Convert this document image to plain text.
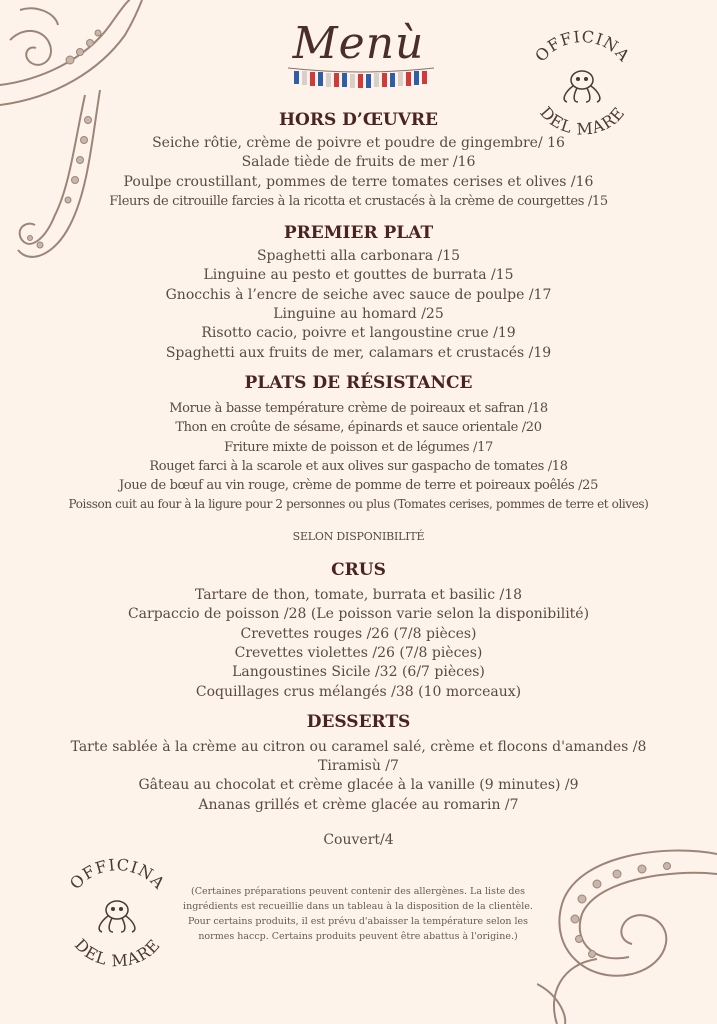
OFFICINA
DEL MARE
Menù
HORS D’ŒUVRE

Seiche rôtie, crème de poivre et poudre de gingembre/ 16

Salade tiède de fruits de mer /16

Poulpe croustillant, pommes de terre tomates cerises et olives /16

Fleurs de citrouille farcies à la ricotta et crustacés à la crème de courgettes /15

PREMIER PLAT

Spaghetti alla carbonara /15

Linguine au pesto et gouttes de burrata /15

Gnocchis à l’encre de seiche avec sauce de poulpe /17

Linguine au homard /25

Risotto cacio, poivre et langoustine crue /19

Spaghetti aux fruits de mer, calamars et crustacés /19

PLATS DE RÉSISTANCE

Morue à basse température crème de poireaux et safran /18

Thon en croûte de sésame, épinards et sauce orientale /20

Friture mixte de poisson et de légumes /17

Rouget farci à la scarole et aux olives sur gaspacho de tomates /18

Joue de bœuf au vin rouge, crème de pomme de terre et poireaux poêlés /25

Poisson cuit au four à la ligure pour 2 personnes ou plus (Tomates cerises, pommes de terre et olives)

SELON DISPONIBILITÉ

CRUS

Tartare de thon, tomate, burrata et basilic /18

Carpaccio de poisson /28 (Le poisson varie selon la disponibilité)

Crevettes rouges /26 (7/8 pièces)

Crevettes violettes /26 (7/8 pièces)

Langoustines Sicile /32 (6/7 pièces)

Coquillages crus mélangés /38 (10 morceaux)

DESSERTS

Tarte sablée à la crème au citron ou caramel salé, crème et flocons d'amandes /8

Tiramisù /7

Gâteau au chocolat et crème glacée à la vanille (9 minutes) /9

Ananas grillés et crème glacée au romarin /7

Couvert/4

OFFICINA
DEL MARE
(Certaines préparations peuvent contenir des allergènes. La liste des ingrédients est recueillie dans un tableau à la disposition de la clientèle. Pour certains produits, il est prévu d'abaisser la température selon les normes haccp. Certains produits peuvent être abattus à l'origine.)
